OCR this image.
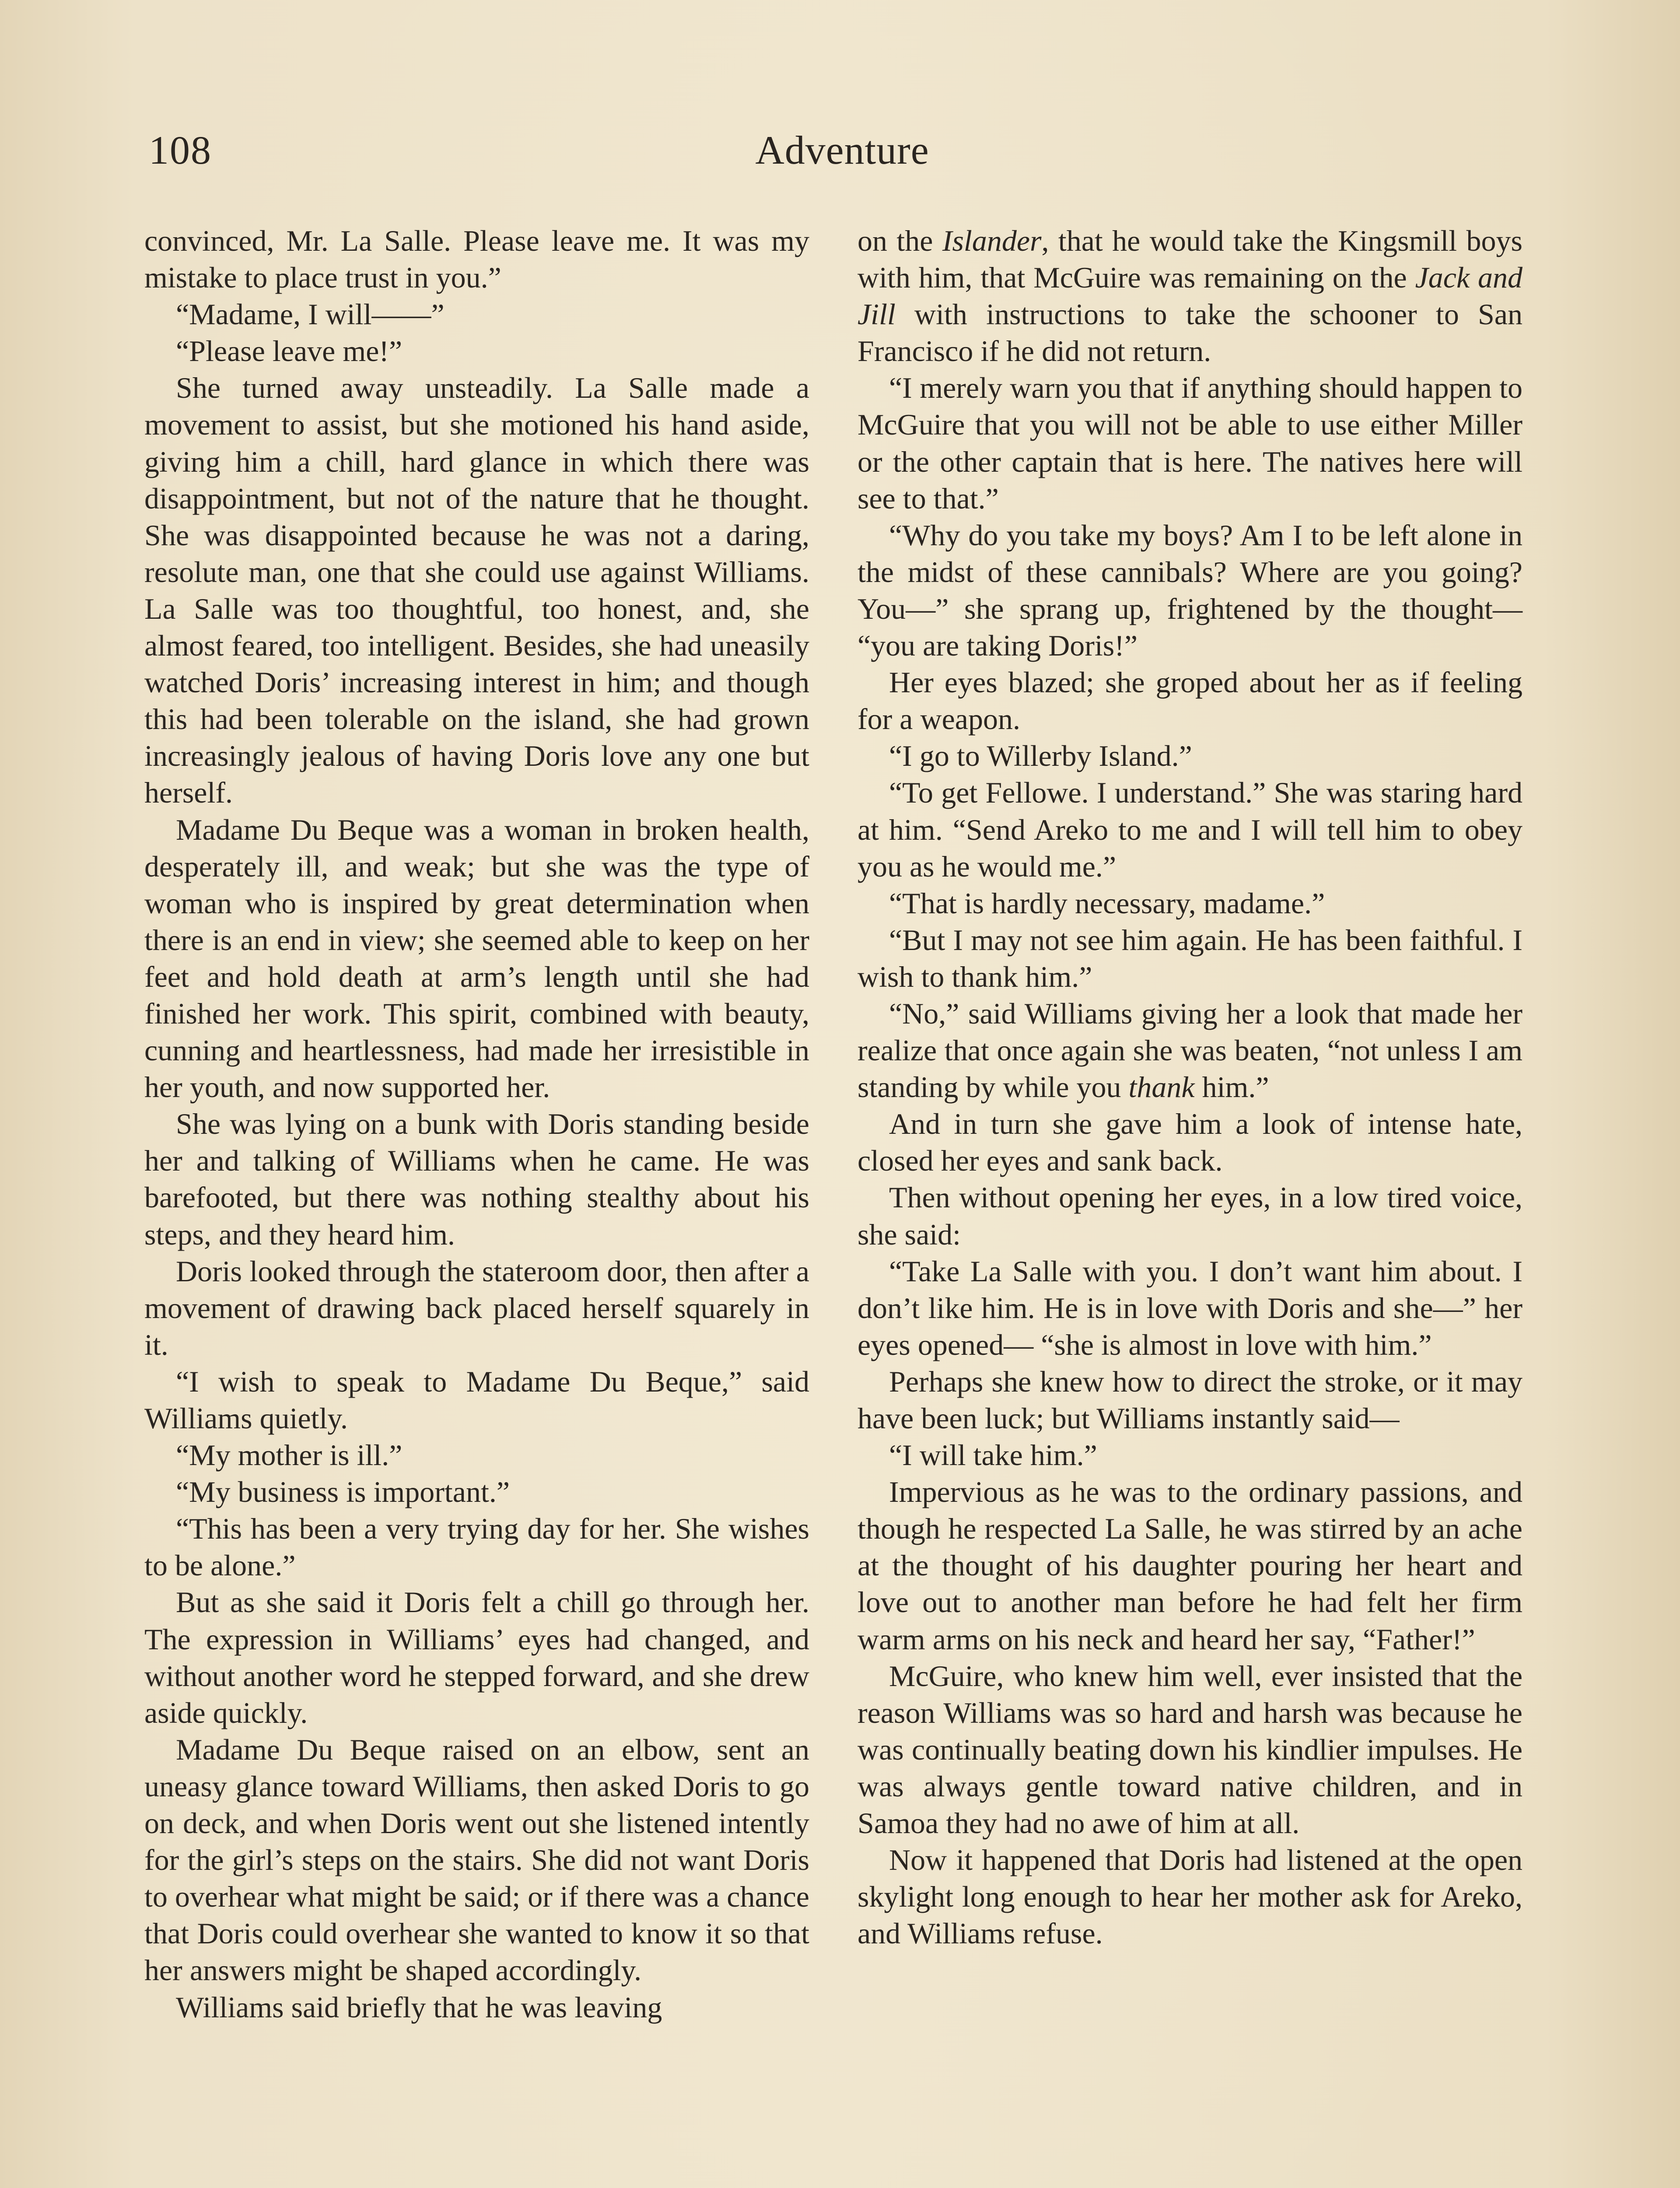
108	Adventure

convinced, Mr. La Salle. Please leave me. It was my mistake to place trust in you.”

“Madame, I will——”

“Please leave me!”

She turned away unsteadily. La Salle made a movement to assist, but she motioned his hand aside, giving him a chill, hard glance in which there was disappointment, but not of the nature that he thought. She was disappointed because he was not a daring, resolute man, one that she could use against Williams. La Salle was too thoughtful, too honest, and, she almost feared, too intelligent. Besides, she had uneasily watched Doris’ increasing interest in him; and though this had been tolerable on the island, she had grown increasingly jealous of having Doris love any one but herself.

Madame Du Beque was a woman in broken health, desperately ill, and weak; but she was the type of woman who is inspired by great determination when there is an end in view; she seemed able to keep on her feet and hold death at arm’s length until she had finished her work. This spirit, combined with beauty, cunning and heartlessness, had made her irresistible in her youth, and now supported her.

She was lying on a bunk with Doris standing beside her and talking of Williams when he came. He was barefooted, but there was nothing stealthy about his steps, and they heard him.

Doris looked through the stateroom door, then after a movement of drawing back placed herself squarely in it.

“I wish to speak to Madame Du Beque,” said Williams quietly.

“My mother is ill.”

“My business is important.”

“This has been a very trying day for her. She wishes to be alone.”

But as she said it Doris felt a chill go through her. The expression in Williams’ eyes had changed, and without another word he stepped forward, and she drew aside quickly.

Madame Du Beque raised on an elbow, sent an uneasy glance toward Williams, then asked Doris to go on deck, and when Doris went out she listened intently for the girl’s steps on the stairs. She did not want Doris to overhear what might be said; or if there was a chance that Doris could overhear she wanted to know it so that her answers might be shaped accordingly.

Williams said briefly that he was leaving

on the Islander, that he would take the Kingsmill boys with him, that McGuire was remaining on the Jack and Jill with instructions to take the schooner to San Francisco if he did not return.

“I merely warn you that if anything should happen to McGuire that you will not be able to use either Miller or the other captain that is here. The natives here will see to that.”

“Why do you take my boys? Am I to be left alone in the midst of these cannibals? Where are you going? You—” she sprang up, frightened by the thought— “you are taking Doris!”

Her eyes blazed; she groped about her as if feeling for a weapon.

“I go to Willerby Island.”

“To get Fellowe. I understand.” She was staring hard at him. “Send Areko to me and I will tell him to obey you as he would me.”

“That is hardly necessary, madame.”

“But I may not see him again. He has been faithful. I wish to thank him.”

“No,” said Williams giving her a look that made her realize that once again she was beaten, “not unless I am standing by while you thank him.”

And in turn she gave him a look of intense hate, closed her eyes and sank back.

Then without opening her eyes, in a low tired voice, she said:

“Take La Salle with you. I don’t want him about. I don’t like him. He is in love with Doris and she—” her eyes opened— “she is almost in love with him.”

Perhaps she knew how to direct the stroke, or it may have been luck; but Williams instantly said—

“I will take him.”

Impervious as he was to the ordinary passions, and though he respected La Salle, he was stirred by an ache at the thought of his daughter pouring her heart and love out to another man before he had felt her firm warm arms on his neck and heard her say, “Father!”

McGuire, who knew him well, ever insisted that the reason Williams was so hard and harsh was because he was continually beating down his kindlier impulses. He was always gentle toward native children, and in Samoa they had no awe of him at all.

Now it happened that Doris had listened at the open skylight long enough to hear her mother ask for Areko, and Williams refuse.
